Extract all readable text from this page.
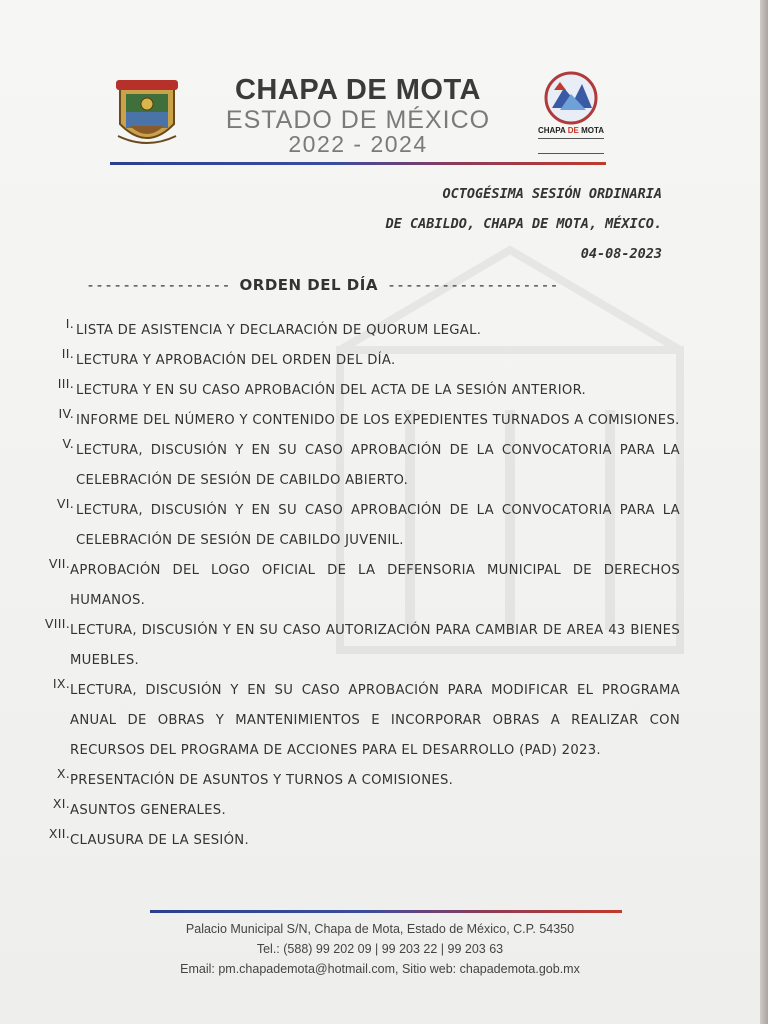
CHAPA DE MOTA
ESTADO DE MÉXICO
2022 - 2024
CHAPA DE MOTA
OCTOGÉSIMA SESIÓN ORDINARIA
DE CABILDO, CHAPA DE MOTA, MÉXICO.
04-08-2023
---------------- ORDEN DEL DÍA -------------------
I. LISTA DE ASISTENCIA Y DECLARACIÓN DE QUORUM LEGAL.
II. LECTURA Y APROBACIÓN DEL ORDEN DEL DÍA.
III. LECTURA Y EN SU CASO APROBACIÓN DEL ACTA DE LA SESIÓN ANTERIOR.
IV. INFORME DEL NÚMERO Y CONTENIDO DE LOS EXPEDIENTES TURNADOS A COMISIONES.
V. LECTURA, DISCUSIÓN Y EN SU CASO APROBACIÓN DE LA CONVOCATORIA PARA LA CELEBRACIÓN DE SESIÓN DE CABILDO ABIERTO.
VI. LECTURA, DISCUSIÓN Y EN SU CASO APROBACIÓN DE LA CONVOCATORIA PARA LA CELEBRACIÓN DE SESIÓN DE CABILDO JUVENIL.
VII. APROBACIÓN DEL LOGO OFICIAL DE LA DEFENSORIA MUNICIPAL DE DERECHOS HUMANOS.
VIII. LECTURA, DISCUSIÓN Y EN SU CASO AUTORIZACIÓN PARA CAMBIAR DE AREA 43 BIENES MUEBLES.
IX. LECTURA, DISCUSIÓN Y EN SU CASO APROBACIÓN PARA MODIFICAR EL PROGRAMA ANUAL DE OBRAS Y MANTENIMIENTOS E INCORPORAR OBRAS A REALIZAR CON RECURSOS DEL PROGRAMA DE ACCIONES PARA EL DESARROLLO (PAD) 2023.
X. PRESENTACIÓN DE ASUNTOS Y TURNOS A COMISIONES.
XI. ASUNTOS GENERALES.
XII. CLAUSURA DE LA SESIÓN.
Palacio Municipal S/N, Chapa de Mota, Estado de México, C.P. 54350
Tel.: (588) 99 202 09 | 99 203 22 | 99 203 63
Email: pm.chapademota@hotmail.com, Sitio web: chapademota.gob.mx
